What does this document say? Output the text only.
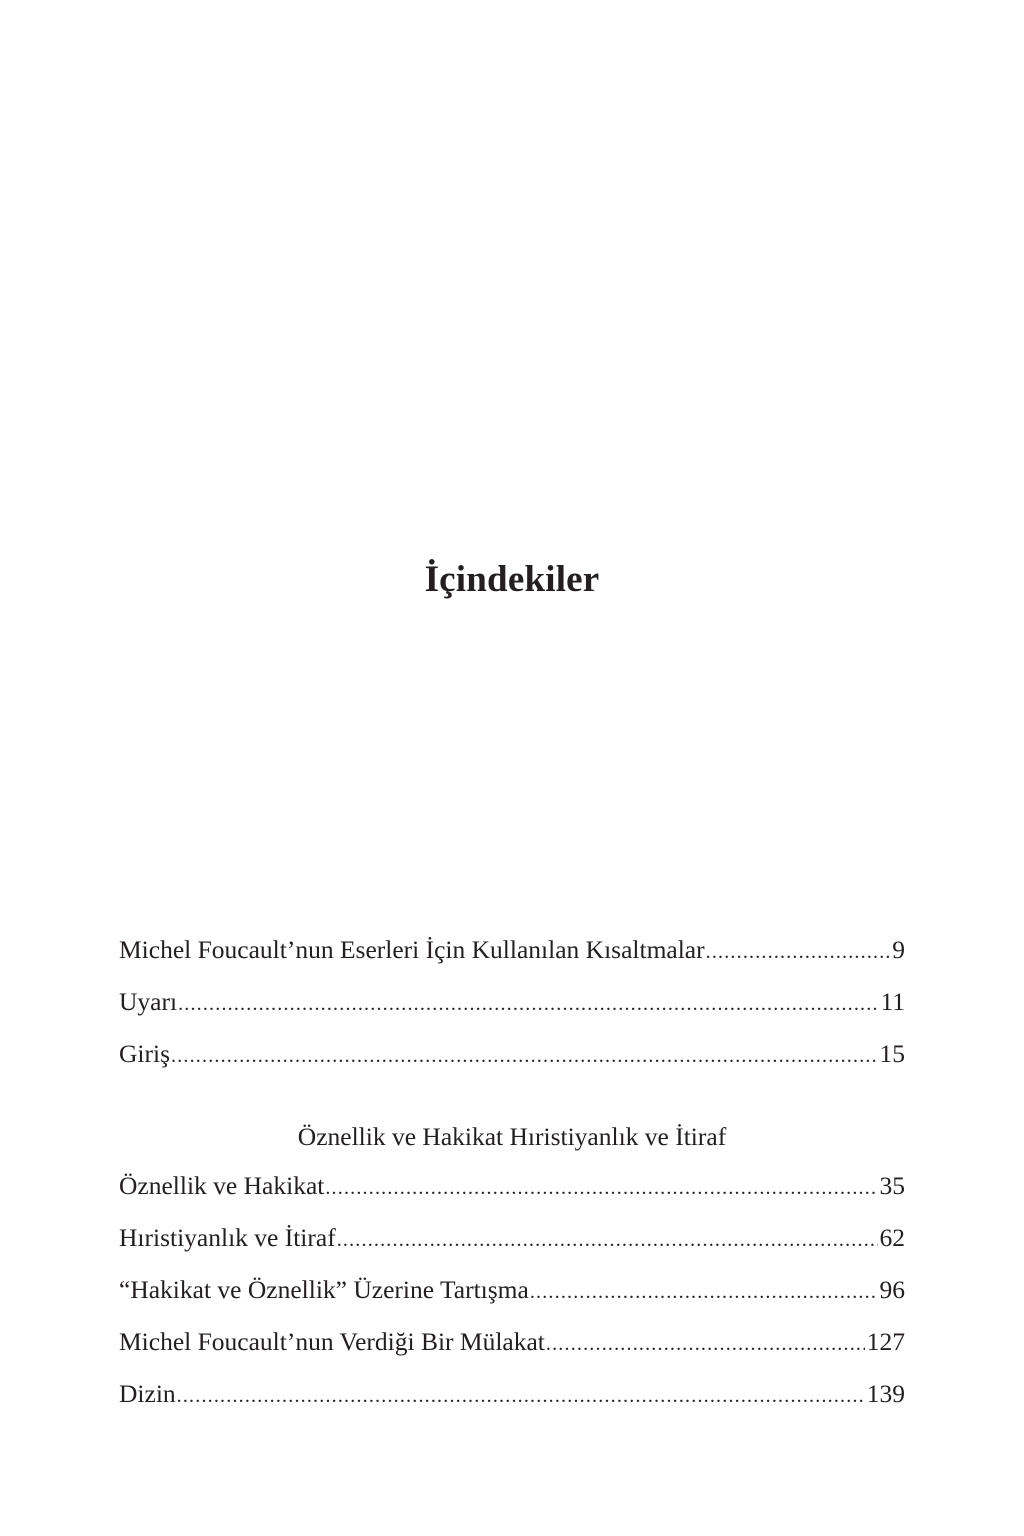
İçindekiler
Michel Foucault’nun Eserleri İçin Kullanılan Kısaltmalar .....	9
Uyarı .....	11
Giriş .....	15
Öznellik ve Hakikat Hıristiyanlık ve İtiraf
Öznellik ve Hakikat .....	35
Hıristiyanlık ve İtiraf .....	62
“Hakikat ve Öznellik” Üzerine Tartışma .....	96
Michel Foucault’nun Verdiği Bir Mülakat .....	127
Dizin .....	139
